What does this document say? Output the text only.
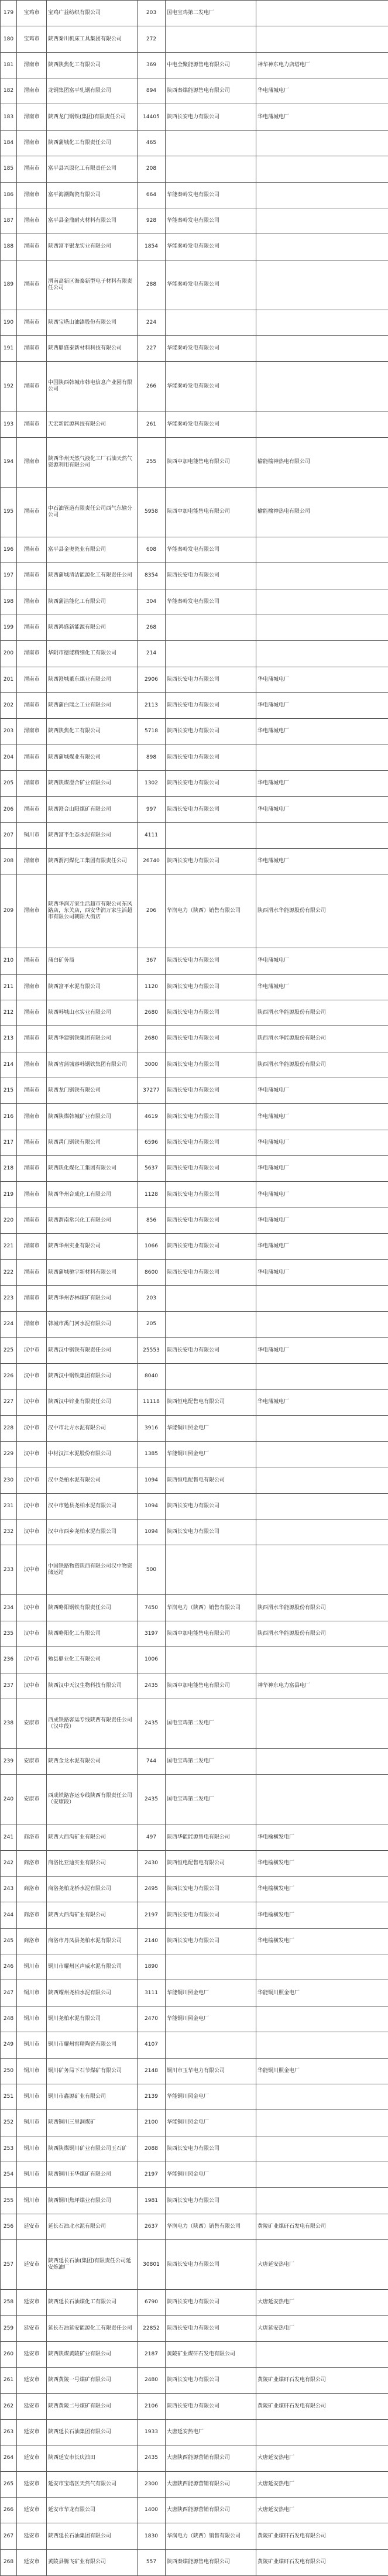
179	宝鸡市	宝鸡广益纺织有限公司	203	国电宝鸡第二发电厂	
180	宝鸡市	陕西秦川机床工具集团有限公司	272		
181	渭南市	陕西陕焦化工有限公司	369	中电全聚能源售电有限公司	神华神东电力店塔电厂
182	渭南市	龙钢集团富平轧钢有限公司	894	陕西秦煤能源售电有限公司	华电蒲城电厂
183	渭南市	陕西龙门钢铁(集团)有限责任公司	14405	陕西长安电力有限公司	华电蒲城电厂
184	渭南市	陕西蒲城化工有限责任公司	465		
185	渭南市	富平县兴原化工有限责任公司	208		
186	渭南市	富平海潮陶瓷有限公司	664	华能秦岭发电有限公司	
187	渭南市	富平县金鼎耐火材料有限公司	928	华能秦岭发电有限公司	
188	渭南市	陕西富平银龙实业有限公司	1854	华能秦岭发电有限公司	
189	渭南市	渭南高新区海泰新型电子材料有限责任公司	288	华能秦岭发电有限公司	
190	渭南市	陕西宝塔山油漆股份有限公司	224		
191	渭南市	陕西鼎盛泰新材料科技有限公司	227	华能秦岭发电有限公司	
192	渭南市	中国陕西韩城市韩电信息产业园有限公司	266	华能秦岭发电有限公司	
193	渭南市	天宏新能源科技有限公司	261	华能秦岭发电有限公司	
194	渭南市	陕西华州天然气液化工厂石油天然气资源利用有限公司	255	陕西中加电能售电有限公司	榆能榆神热电有限公司
195	渭南市	中石油管道有限责任公司西气东输分公司	5958	陕西中加电能售电有限公司	榆能榆神热电有限公司
196	渭南市	富平县金奥瓷业有限公司	608	华能秦岭发电有限公司	
197	渭南市	陕西蒲城清洁能源化工有限责任公司	8354	陕西长安电力有限公司	
198	渭南市	陕西蒲洁能化工有限公司	304	华能秦岭发电有限公司	
199	渭南市	陕西鸿盛新能源有限公司	268		
200	渭南市	华阴市德能精细化工有限公司	214		
201	渭南市	陕西澄城董东煤业有限公司	2906	陕西长安电力有限公司	华电蒲城电厂
202	渭南市	陕西蒲白瑞之工业有限公司	2113	陕西长安电力有限公司	华电蒲城电厂
203	渭南市	陕西陕焦化工有限公司	5718	陕西长安电力有限公司	华电蒲城电厂
204	渭南市	陕西蒲城煤业有限公司	898	陕西长安电力有限公司	
205	渭南市	陕西陕煤澄合矿业有限公司	1302	陕西长安电力有限公司	华电蒲城电厂
206	渭南市	陕西澄合山阳煤矿有限公司	997	陕西长安电力有限公司	华电蒲城电厂
207	铜川市	陕西富平生态水泥有限公司	4111		
208	渭南市	陕西渭河煤化工集团有限责任公司	26740	陕西长安电力有限公司	华电蒲城电厂
209	渭南市	陕西华润万家生活超市有限公司东风路店，东关店，西安华润万家生活超市有限公司朝阳大街店	206	华润电力（陕西）销售有限公司	陕西渭水华能源股份有限公司
210	渭南市	蒲白矿务局	367	陕西长安电力有限公司	华电蒲城电厂
211	渭南市	陕西富平水泥有限公司	1120	陕西长安电力有限公司	华电蒲城电厂
212	渭南市	陕西韩城山水实业有限公司	2680	陕西长安电力有限公司	陕西渭水华能源股份有限公司
213	渭南市	陕西华建钢铁集团有限公司	2680	陕西长安电力有限公司	陕西渭水华能源股份有限公司
214	渭南市	陕西省蒲城睿韩钢铁集团有限公司	3000	陕西长安电力有限公司	陕西渭水华能源股份有限公司
215	渭南市	陕西龙门钢铁有限公司	37277	陕西长安电力有限公司	华电蒲城电厂
216	渭南市	陕西陕煤韩城矿业有限公司	4619	陕西长安电力有限公司	华电蒲城电厂
217	渭南市	陕西禹门钢铁有限公司	6596	陕西长安电力有限公司	华电蒲城电厂
218	渭南市	陕西陕化煤化工集团有限公司	5637	陕西长安电力有限公司	华电蒲城电厂
219	渭南市	陕西华州合成化工有限公司	1128	陕西长安电力有限公司	华电蒲城电厂
220	渭南市	陕西渭南常兴化工有限公司	856	陕西长安电力有限公司	华电蒲城电厂
221	渭南市	陕西华州实业有限公司	1066	陕西长安电力有限公司	华电蒲城电厂
222	渭南市	陕西蒲城驰宇新材料有限公司	8600	陕西长安电力有限公司	华电蒲城电厂
223	渭南市	陕西华州杏林煤矿有限公司	203		
224	渭南市	韩城市禹门河水泥有限公司	205		
225	汉中市	陕西汉中钢铁有限责任公司	25553	陕西长安电力有限公司	华电蒲城电厂
226	汉中市	陕西汉中钢铁集团有限公司	8040		
227	汉中市	陕西汉中锌业有限责任公司	11118	陕西恒电配售电有限公司	华电蒲城电厂
228	汉中市	汉中市北方水泥有限公司	3916	华能铜川照金电厂	
229	汉中市	中材汉江水泥股份有限公司	1385	华能铜川照金电厂	
230	汉中市	汉中尧柏水泥有限公司	1094	陕西恒电配售电有限公司	
231	汉中市	汉中市勉县尧柏水泥有限公司	1094	陕西长安电力有限公司	
232	汉中市	汉中市西乡尧柏水泥有限公司	1094	陕西长安电力有限公司	
233	汉中市	中国铁路物资陕西有限公司汉中物资储运站	500		
234	汉中市	陕西略阳钢铁有限责任公司	7450	华润电力（陕西）销售有限公司	陕西渭水华能源股份有限公司
235	汉中市	陕西略阳化工有限公司	3197	陕西中加电能售电有限公司	陕西渭水华能源股份有限公司
236	汉中市	勉县鼎业化工有限公司	1006		
237	汉中市	陕西汉中天汉生物科技有限公司	2435	陕西中加电能售电有限公司	神华神东电力富县电厂
238	安康市	西成铁路客运专线陕西有限责任公司（汉中段）	2435	国电宝鸡第二发电厂	
239	安康市	陕西金龙水泥有限公司	744	国电宝鸡第二发电厂	
240	安康市	西成铁路客运专线陕西有限责任公司（安康段）	2435	国电宝鸡第二发电厂	
241	商洛市	陕西大西沟矿业有限公司	497	陕西华能能源售电有限公司	华电榆横发电厂
242	商洛市	商洛比亚迪实业有限公司	2430	陕西恒电配售电有限公司	华电榆横发电厂
243	商洛市	商洛尧柏龙桥水泥有限公司	2495	陕西长安电力有限公司	华电榆横发电厂
244	商洛市	陕西大西沟矿业有限公司	2197	陕西长安电力有限公司	华电榆横发电厂
245	商洛市	商洛市丹凤县尧柏水泥有限公司	2140	陕西长安电力有限公司	华电榆横发电厂
246	铜川市	铜川市耀州区声威水泥有限公司	1890		
247	铜川市	陕西耀州尧柏水泥有限公司	3111	华能铜川照金电厂	华能铜川照金电厂
248	铜川市	铜川尧柏水泥有限公司	2470	华能铜川照金电厂	
249	铜川市	铜川市耀州窑精陶瓷有限公司	4107		
250	铜川市	铜川矿务局下石节煤矿有限公司	2148	铜川市玉华电力有限公司	华能铜川照金电厂
251	铜川市	铜川市鑫源矿业有限公司	2139	华能铜川照金电厂	
252	铜川市	陕西铜川三里洞煤矿	2100	华能铜川照金电厂	
253	铜川市	陕西陕煤铜川矿业有限公司玉石矿	2088	陕西长安电力有限公司	
254	铜川市	陕西铜川玉华煤矿有限公司	2197	华能铜川照金电厂	
255	铜川市	陕西铜川焦坪煤业有限公司	1981	陕西长安电力有限公司	
256	延安市	延长石油北水泥有限公司	2637	华润电力（陕西）销售有限公司	黄陵矿业煤矸石发电有限公司
257	延安市	陕西延长石油(集团)有限责任公司延安炼油厂	30801	陕西长安电力有限公司	大唐延安热电厂
258	延安市	陕西延长石油煤化工有限公司	6790	陕西长安电力有限公司	大唐延安热电厂
259	延安市	延长石油延安能源化工有限责任公司	22852	陕西长安电力有限公司	大唐延安热电厂
260	延安市	陕西陕煤黄陵矿业有限公司	2187	黄陵矿业煤矸石发电有限公司	
261	延安市	陕西黄陵一号煤矿有限公司	2480	陕西长安电力有限公司	黄陵矿业煤矸石发电有限公司
262	延安市	陕西黄陵二号煤矿有限公司	2106	陕西长安电力有限公司	黄陵矿业煤矸石发电有限公司
263	延安市	陕西延长石油集团有限公司	1933	大唐延安热电厂	
264	延安市	陕西延安市长庆油田	2435	大唐陕西能源营销有限公司	大唐延安热电厂
265	延安市	延安市宝塔区天然气有限公司	2300	大唐陕西能源营销有限公司	大唐延安热电厂
266	延安市	延安市华龙有限公司	1400	大唐陕西能源营销有限公司	大唐延安热电厂
267	延安市	陕西延长石油集团有限公司	1830	华润电力（陕西）销售有限公司	黄陵矿业煤矸石发电有限公司
268	延安市	黄陵县腾飞矿业有限公司	557	陕西秦煤能源售电有限公司	黄陵矿业煤矸石发电有限公司
